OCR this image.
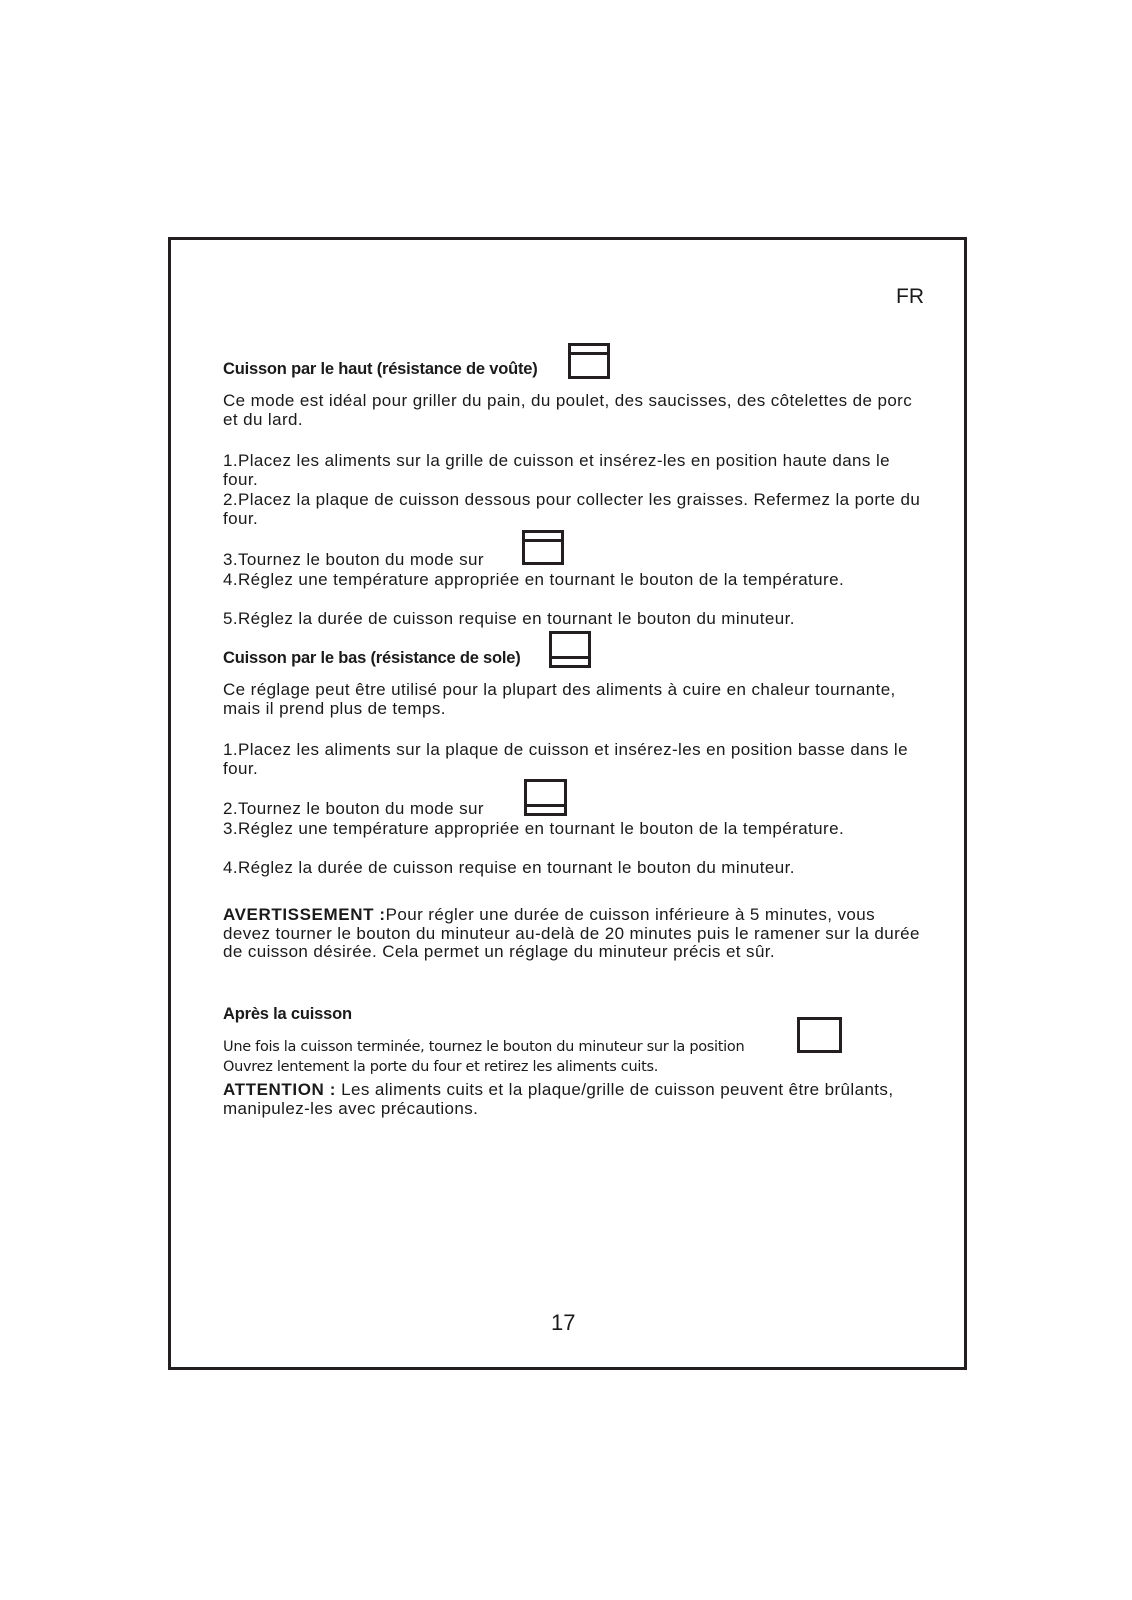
FR
Cuisson par le haut (résistance de voûte)

Ce mode est idéal pour griller du pain, du poulet, des saucisses, des côtelettes de porc et du lard.

1.Placez les aliments sur la grille de cuisson et insérez-les en position haute dans le four.

2.Placez la plaque de cuisson dessous pour collecter les graisses. Refermez la porte du four.

3.Tournez le bouton du mode sur

4.Réglez une température appropriée en tournant le bouton de la température.

5.Réglez la durée de cuisson requise en tournant le bouton du minuteur.

Cuisson par le bas (résistance de sole)

Ce réglage peut être utilisé pour la plupart des aliments à cuire en chaleur tournante, mais il prend plus de temps.

1.Placez les aliments sur la plaque de cuisson et insérez-les en position basse dans le four.

2.Tournez le bouton du mode sur

3.Réglez une température appropriée en tournant le bouton de la température.

4.Réglez la durée de cuisson requise en tournant le bouton du minuteur.

AVERTISSEMENT :Pour régler une durée de cuisson inférieure à 5 minutes, vous devez tourner le bouton du minuteur au-delà de 20 minutes puis le ramener sur la durée de cuisson désirée. Cela permet un réglage du minuteur précis et sûr.

Après la cuisson
Une fois la cuisson terminée, tournez le bouton du minuteur sur la position
Ouvrez lentement la porte du four et retirez les aliments cuits.

ATTENTION : Les aliments cuits et la plaque/grille de cuisson peuvent être brûlants, manipulez-les avec précautions.

17
